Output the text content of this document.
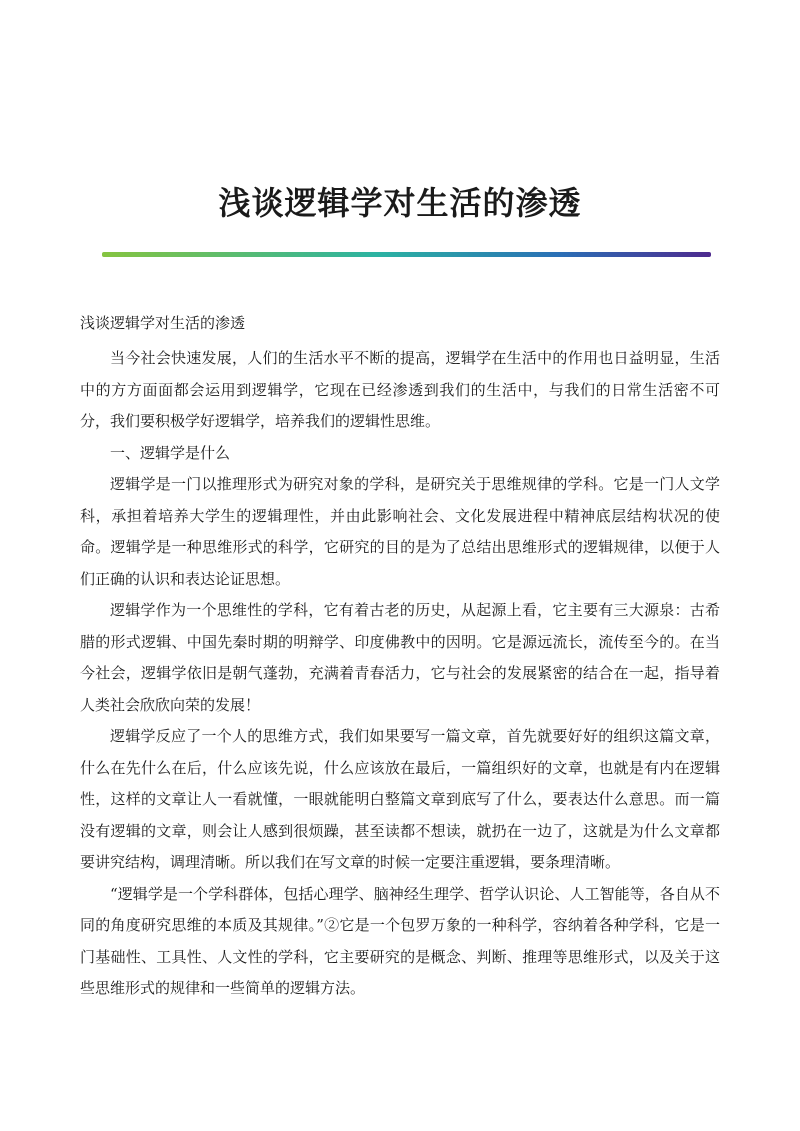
浅谈逻辑学对生活的渗透
浅谈逻辑学对生活的渗透

当今社会快速发展，人们的生活水平不断的提高，逻辑学在生活中的作用也日益明显，生活中的方方面面都会运用到逻辑学，它现在已经渗透到我们的生活中，与我们的日常生活密不可分，我们要积极学好逻辑学，培养我们的逻辑性思维。

一、逻辑学是什么

逻辑学是一门以推理形式为研究对象的学科，是研究关于思维规律的学科。它是一门人文学科，承担着培养大学生的逻辑理性，并由此影响社会、文化发展进程中精神底层结构状况的使命。逻辑学是一种思维形式的科学，它研究的目的是为了总结出思维形式的逻辑规律，以便于人们正确的认识和表达论证思想。

逻辑学作为一个思维性的学科，它有着古老的历史，从起源上看，它主要有三大源泉：古希腊的形式逻辑、中国先秦时期的明辩学、印度佛教中的因明。它是源远流长，流传至今的。在当今社会，逻辑学依旧是朝气蓬勃，充满着青春活力，它与社会的发展紧密的结合在一起，指导着人类社会欣欣向荣的发展！

逻辑学反应了一个人的思维方式，我们如果要写一篇文章，首先就要好好的组织这篇文章，什么在先什么在后，什么应该先说，什么应该放在最后，一篇组织好的文章，也就是有内在逻辑性，这样的文章让人一看就懂，一眼就能明白整篇文章到底写了什么，要表达什么意思。而一篇没有逻辑的文章，则会让人感到很烦躁，甚至读都不想读，就扔在一边了，这就是为什么文章都要讲究结构，调理清晰。所以我们在写文章的时候一定要注重逻辑，要条理清晰。

“逻辑学是一个学科群体，包括心理学、脑神经生理学、哲学认识论、人工智能等，各自从不同的角度研究思维的本质及其规律。”②它是一个包罗万象的一种科学，容纳着各种学科，它是一门基础性、工具性、人文性的学科，它主要研究的是概念、判断、推理等思维形式，以及关于这些思维形式的规律和一些简单的逻辑方法。
